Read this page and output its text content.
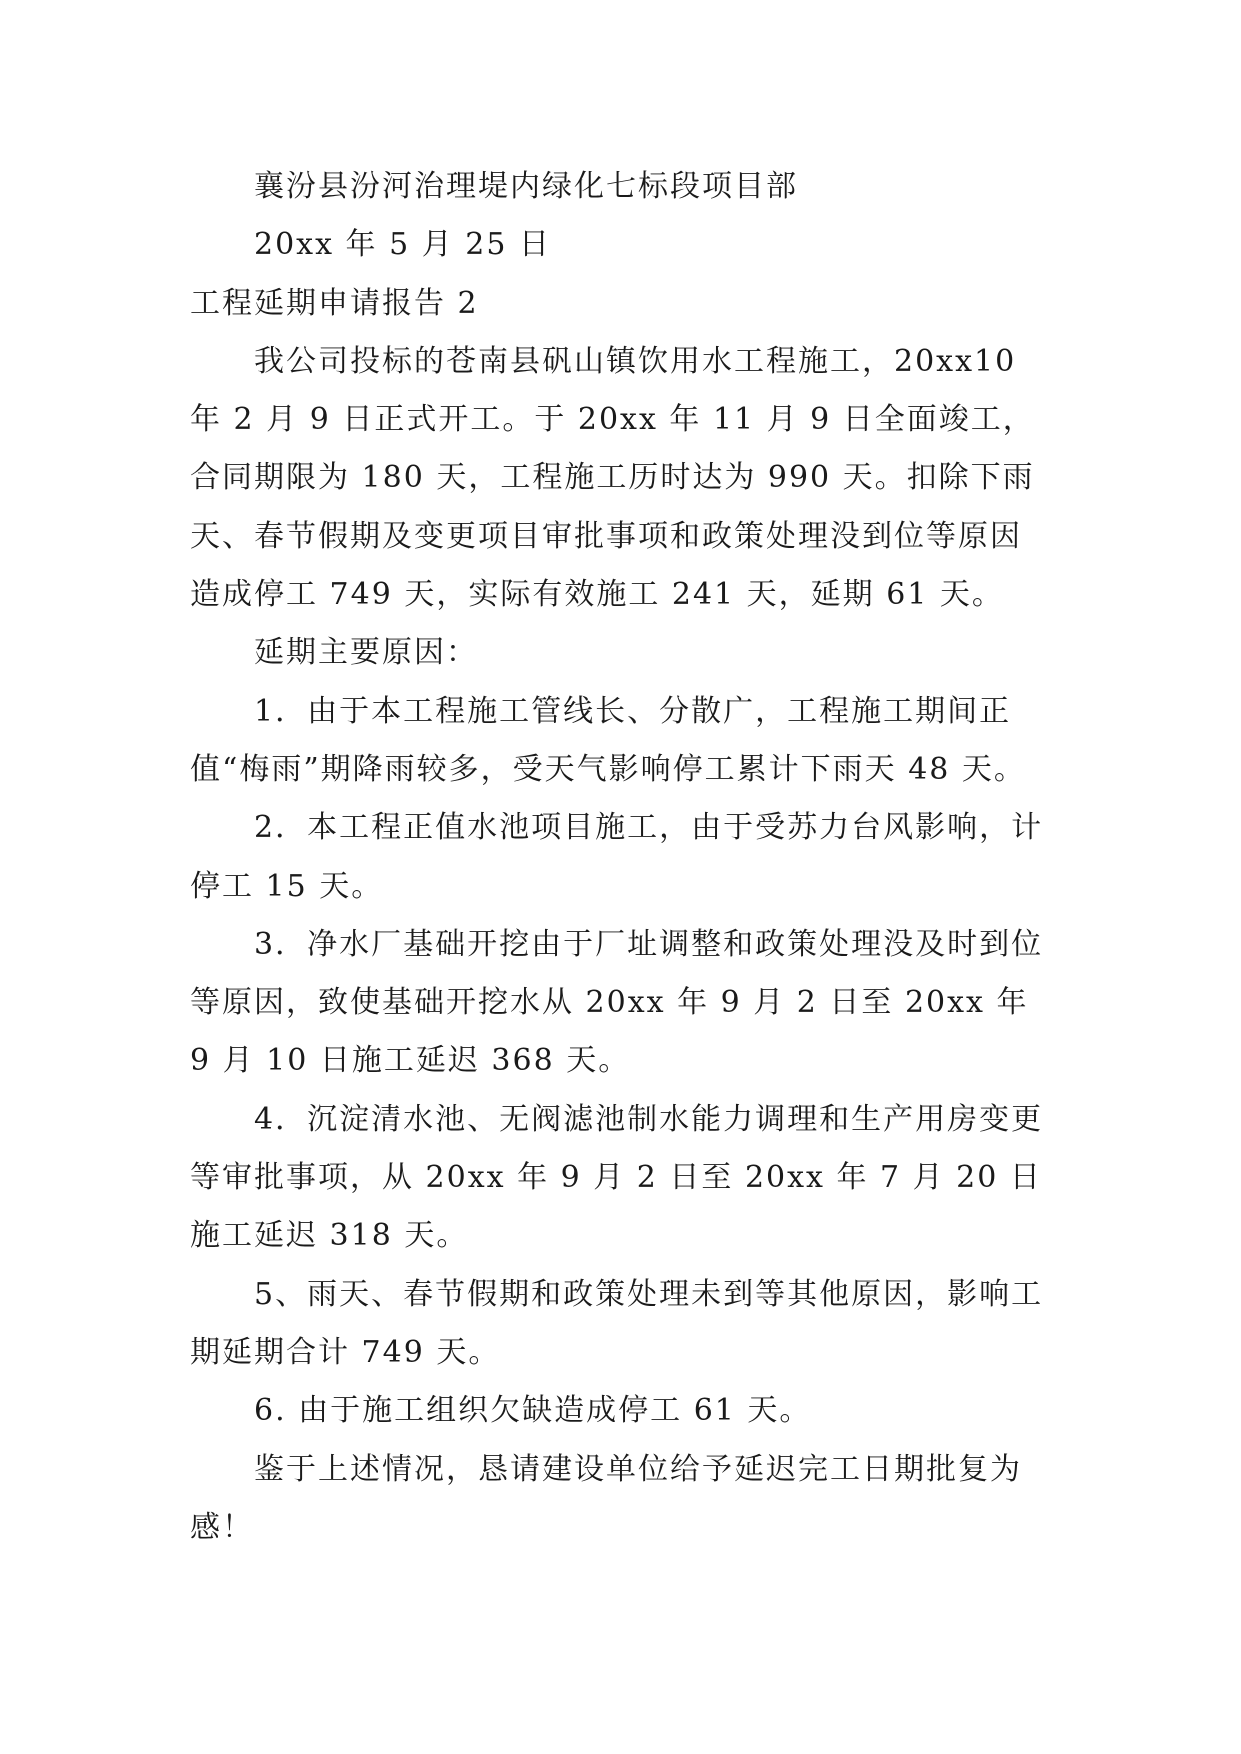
襄汾县汾河治理堤内绿化七标段项目部

20xx 年 5 月 25 日

工程延期申请报告 2

我公司投标的苍南县矾山镇饮用水工程施工，20xx10 年 2 月 9 日正式开工。于 20xx 年 11 月 9 日全面竣工，合同期限为 180 天，工程施工历时达为 990 天。扣除下雨天、春节假期及变更项目审批事项和政策处理没到位等原因造成停工 749 天，实际有效施工 241 天，延期 61 天。

延期主要原因：

1．由于本工程施工管线长、分散广，工程施工期间正值“梅雨”期降雨较多，受天气影响停工累计下雨天 48 天。

2．本工程正值水池项目施工，由于受苏力台风影响，计停工 15 天。

3．净水厂基础开挖由于厂址调整和政策处理没及时到位等原因，致使基础开挖水从 20xx 年 9 月 2 日至 20xx 年 9 月 10 日施工延迟 368 天。

4．沉淀清水池、无阀滤池制水能力调理和生产用房变更等审批事项，从 20xx 年 9 月 2 日至 20xx 年 7 月 20 日施工延迟 318 天。

5、雨天、春节假期和政策处理未到等其他原因，影响工期延期合计 749 天。

6. 由于施工组织欠缺造成停工 61 天。

鉴于上述情况，恳请建设单位给予延迟完工日期批复为感！
